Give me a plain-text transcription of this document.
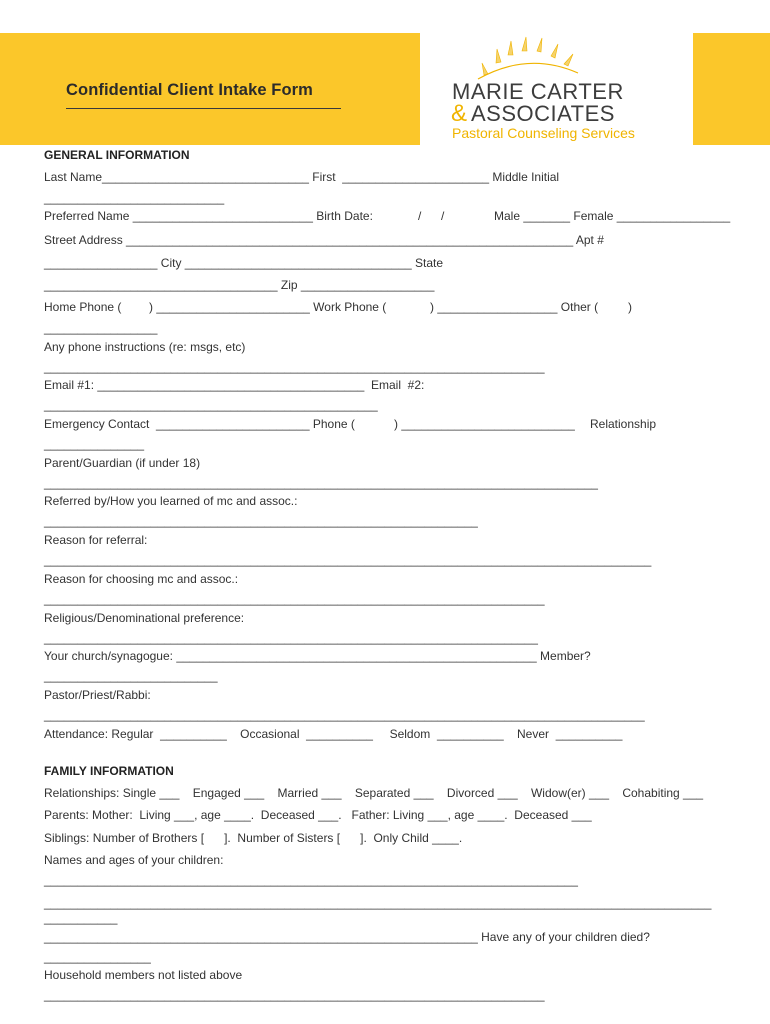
Confidential Client Intake Form	MARIE CARTER
& ASSOCIATES
Pastoral Counseling Services
GENERAL INFORMATION
Last Name_______________________________ First  ______________________ Middle Initial
___________________________

Preferred Name ___________________________ Birth Date:

	/

/

	Male _______ Female _________________

Street Address ___________________________________________________________________ Apt #
_________________ City __________________________________ State
___________________________________ Zip ____________________

Home Phone (

) _______________________ Work Phone (

	) __________________ Other (

)

_________________
Any phone instructions (re: msgs, etc)
___________________________________________________________________________
Email #1: ________________________________________  Email  #2:
__________________________________________________

Emergency Contact  _______________________ Phone (

	) __________________________

Relationship

_______________
Parent/Guardian (if under 18)
___________________________________________________________________________________
Referred by/How you learned of mc and assoc.:
_________________________________________________________________
Reason for referral:
___________________________________________________________________________________________
Reason for choosing mc and assoc.:
___________________________________________________________________________
Religious/Denominational preference:
__________________________________________________________________________
Your church/synagogue: ______________________________________________________ Member?
__________________________
Pastor/Priest/Rabbi:
__________________________________________________________________________________________
Attendance: Regular  __________    Occasional  __________     Seldom  __________    Never  __________
FAMILY INFORMATION
Relationships: Single ___    Engaged ___    Married ___    Separated ___    Divorced ___    Widow(er) ___    Cohabiting ___
Parents: Mother:  Living ___, age ____.  Deceased ___.   Father: Living ___, age ____.  Deceased ___
Siblings: Number of Brothers [      ].  Number of Sisters [      ].  Only Child ____.
Names and ages of your children:
________________________________________________________________________________
____________________________________________________________________________________________________
___________
_________________________________________________________________ Have any of your children died?
________________
Household members not listed above
___________________________________________________________________________
